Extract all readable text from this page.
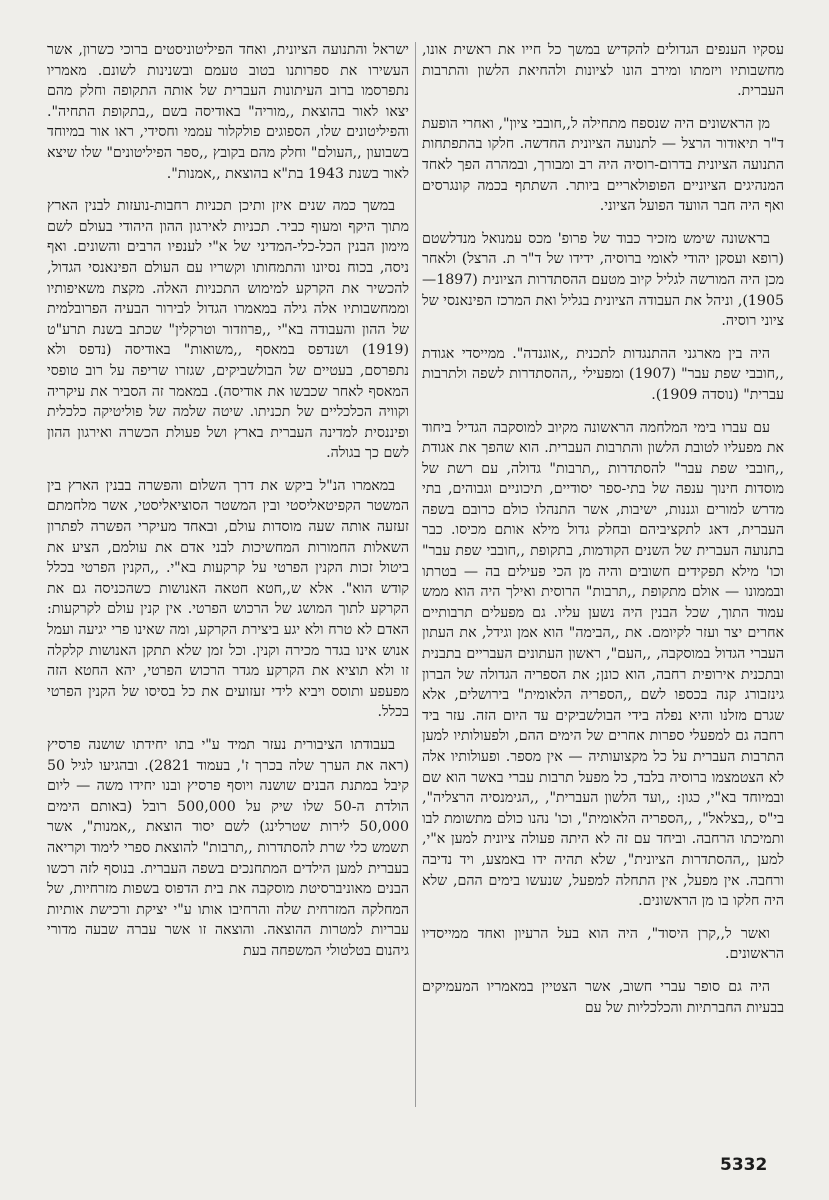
עסקיו הענפים הגדולים להקדיש במשך כל חייו את ראשית אונו, מחשבותיו ויזמתו ומירב הונו לציונות ולהחיאת הלשון והתרבות העברית.

מן הראשונים היה שנספח מתחילה ל,,חובבי ציון", ואחרי הופעת ד"ר תיאודור הרצל — לתנועה הציונית החדשה. חלקו בהתפתחות התנועה הציונית בדרום-רוסיה היה רב ומבורך, ובמהרה הפך לאחד המנהיגים הציוניים הפופולאריים ביותר. השתתף בכמה קונגרסים ואף היה חבר הוועד הפועל הציוני.

בראשונה שימש מזכיר כבוד של פרופ' מכס עמנואל מנדלשטם (רופא ועסקן יהודי לאומי ברוסיה, ידידו של ד"ר ת. הרצל) ולאחר מכן היה המורשה לגליל קיוב מטעם ההסתדרות הציונית (1897—1905), וניהל את העבודה הציונית בגליל ואת המרכז הפינאנסי של ציוני רוסיה.

היה בין מארגני ההתנגדות לתכנית ,,אוגנדה". ממייסדי אגודת ,,חובבי שפת עבר" (1907) ומפעילי ,,ההסתדרות לשפה ולתרבות עברית" (נוסדה 1909).

עם עברו בימי המלחמה הראשונה מקיוב למוסקבה הגדיל ביחוד את מפעליו לטובת הלשון והתרבות העברית. הוא שהפך את אגודת ,,חובבי שפת עבר" להסתדרות ,,תרבות" גדולה, עם רשת של מוסדות חינוך ענפה של בתי-ספר יסודיים, תיכוניים וגבוהים, בתי מדרש למורים וגננות, ישיבות, אשר התנהלו כולם כרובם בשפה העברית, דאג לתקציביהם ובחלק גדול מילא אותם מכיסו. כבר בתנועה העברית של השנים הקודמות, בתקופת ,,חובבי שפת עבר" וכו' מילא תפקידים חשובים והיה מן הכי פעילים בה — בטרתו ובממונו — אולם מתקופת ,,תרבות" הרוסית ואילך היה הוא ממש עמוד התוך, שכל הבנין היה נשען עליו. גם מפעלים תרבותיים אחרים יצר ועזר לקיומם. את ,,הבימה" הוא אמן וגידל, את העתון העברי הגדול במוסקבה, ,,העם", ראשון העתונים העבריים בתבנית ובתכנית אירופית רחבה, הוא כונן; את הספריה הגדולה של הברון גינזבורג קנה בכספו לשם ,,הספריה הלאומית" בירושלים, אלא שגרם מזלנו והיא נפלה בידי הבולשביקים עד היום הזה. עזר ביד רחבה גם למפעלי ספרות אחרים של הימים ההם, ולפעולותיו למען התרבות העברית על כל מקצועותיה — אין מספר. ופעולותיו אלה לא הצטמצמו ברוסיה בלבד, כל מפעל תרבות עברי באשר הוא שם ובמיוחד בא"י, כגון: ,,ועד הלשון העברית", ,,הגימנסיה הרצליה", בי"ס ,,בצלאל", ,,הספריה הלאומית", וכו' נהנו כולם מתשומת לבו ותמיכתו הרחבה. וביחד עם זה לא היתה פעולה ציונית למען א"י, למען ,,ההסתדרות הציונית", שלא תהיה ידו באמצע, ויד נדיבה ורחבה. אין מפעל, אין התחלה למפעל, שנעשו בימים ההם, שלא היה חלקו בו מן הראשונים.

ואשר ל,,קרן היסוד", היה הוא בעל הרעיון ואחד ממייסדיו הראשונים.

היה גם סופר עברי חשוב, אשר הצטיין במאמריו המעמיקים בבעיות החברתיות והכלכליות של עם

ישראל והתנועה הציונית, ואחד הפיליטוניסטים ברוכי כשרון, אשר העשירו את ספרותנו בטוב טעמם ובשנינות לשונם. מאמריו נתפרסמו ברוב העיתונות העברית של אותה התקופה וחלק מהם יצאו לאור בהוצאת ,,מוריה" באודיסה בשם ,,בתקופת התחיה". והפיליטונים שלו, הספוגים פולקלור עממי וחסידי, ראו אור במיוחד בשבועון ,,העולם" וחלק מהם בקובץ ,,ספר הפיליטונים" שלו שיצא לאור בשנת 1943 בת"א בהוצאת ,,אמנות".

במשך כמה שנים איזן ותיכן תכניות רחבות-נועזות לבנין הארץ מתוך היקף ומעוף כביר. תכניות לאירגון ההון היהודי בעולם לשם מימון הבנין הכל-כלי-המדיני של א"י לענפיו הרבים והשונים. ואף ניסה, בכוח נסיונו והתמחותו וקשריו עם העולם הפינאנסי הגדול, להכשיר את הקרקע למימוש התכניות האלה. מקצת משאיפותיו וממחשבותיו אלה גילה במאמרו הגדול לבירור הבעיה הפרובלמית של ההון והעבודה בא"י ,,פרוזדור וטרקלין" שכתב בשנת תרע"ט (1919) ושנדפס במאסף ,,משואות" באודיסה (נדפס ולא נתפרסם, בעטיים של הבולשביקים, שגזרו שריפה על רוב טופסי המאסף לאחר שכבשו את אודיסה). במאמר זה הסביר את עיקריה וקוויה הכלכליים של תכניתו. שיטה שלמה של פוליטיקה כלכלית ופיננסית למדינה העברית בארץ ושל פעולת הכשרה ואירגון ההון לשם כך בגולה.

במאמרו הנ"ל ביקש את דרך השלום והפשרה בבנין הארץ בין המשטר הקפיטאליסטי ובין המשטר הסוציאליסטי, אשר מלחמתם זעזעה אותה שעה מוסדות עולם, ובאחד מעיקרי הפשרה לפתרון השאלות החמורות המחשיכות לבני אדם את עולמם, הציע את ביטול זכות הקנין הפרטי על קרקעות בא"י. ,,הקנין הפרטי בכלל קודש הוא". אלא ש,,חטא חטאה האנושות כשהכניסה גם את הקרקע לתוך המושג של הרכוש הפרטי. אין קנין עולם לקרקעות: האדם לא טרח ולא יגע ביצירת הקרקע, ומה שאינו פרי יגיעה ועמל אנוש אינו בגדר מכירה וקנין. וכל זמן שלא תתקן האנושות קלקלה זו ולא תוציא את הקרקע מגדר הרכוש הפרטי, יהא החטא הזה מפעפע ותוסס ויביא לידי זעזועים את כל בסיסו של הקנין הפרטי בכלל.

בעבודתו הציבורית נעזר תמיד ע"י בתו יחידתו שושנה פרסיץ (ראה את הערך שלה בכרך ז', בעמוד 2821). ובהגיעו לגיל 50 קיבל במתנת הבנים שושנה ויוסף פרסיץ ובנו יחידו משה — ליום הולדת ה-50 שלו שיק על 500,000 רובל (באותם הימים 50,000 לירות שטרלינג) לשם יסוד הוצאת ,,אמנות", אשר תשמש כלי שרת להסתדרות ,,תרבות" להוצאת ספרי לימוד וקריאה בעברית למען הילדים המתחנכים בשפה העברית. בנוסף לזה רכשו הבנים מאוניברסיטת מוסקבה את בית הדפוס בשפות מזרחיות, של המחלקה המזרחית שלה והרחיבו אותו ע"י יציקת ורכישת אותיות עבריות למטרות ההוצאה. והוצאה זו אשר עברה שבעה מדורי גיהנום בטלטולי המשפחה בעת

5332
